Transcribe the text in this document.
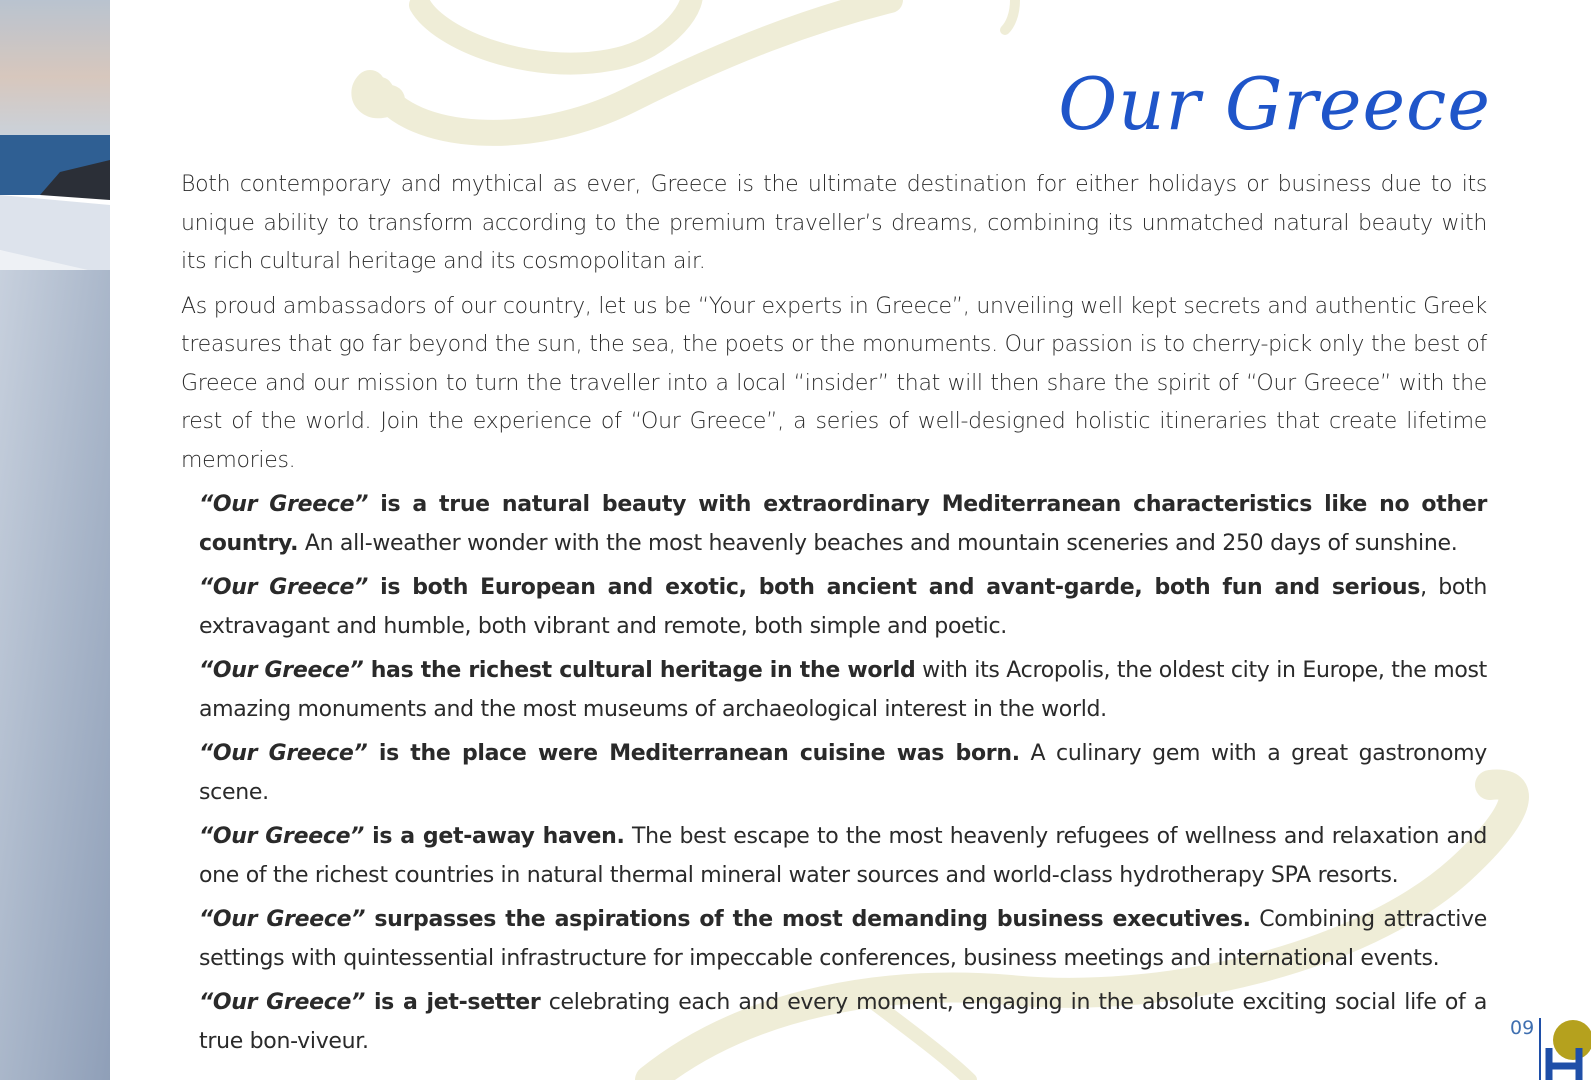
Our Greece

Both contemporary and mythical as ever, Greece is the ultimate destination for either holidays or business due to its unique ability to transform according to the premium traveller’s dreams, combining its unmatched natural beauty with its rich cultural heritage and its cosmopolitan air.

As proud ambassadors of our country, let us be “Your experts in Greece”, unveiling well kept secrets and authentic Greek treasures that go far beyond the sun, the sea, the poets or the monuments. Our passion is to cherry-pick only the best of Greece and our mission to turn the traveller into a local “insider” that will then share the spirit of “Our Greece” with the rest of the world. Join the experience of “Our Greece”, a series of well-designed holistic itineraries that create lifetime memories.

“Our Greece” is a true natural beauty with extraordinary Mediterranean characteristics like no other country. An all-weather wonder with the most heavenly beaches and mountain sceneries and 250 days of sunshine.

“Our Greece” is both European and exotic, both ancient and avant-garde, both fun and serious, both extravagant and humble, both vibrant and remote, both simple and poetic.

“Our Greece” has the richest cultural heritage in the world with its Acropolis, the oldest city in Europe, the most amazing monuments and the most museums of archaeological interest in the world.

“Our Greece” is the place were Mediterranean cuisine was born. A culinary gem with a great gastronomy scene.

“Our Greece” is a get-away haven. The best escape to the most heavenly refugees of wellness and relaxation and one of the richest countries in natural thermal mineral water sources and world-class hydrotherapy SPA resorts.

“Our Greece” surpasses the aspirations of the most demanding business executives. Combining attractive settings with quintessential infrastructure for impeccable conferences, business meetings and international events.

“Our Greece” is a jet-setter celebrating each and every moment, engaging in the absolute exciting social life of a true bon-viveur.

09
